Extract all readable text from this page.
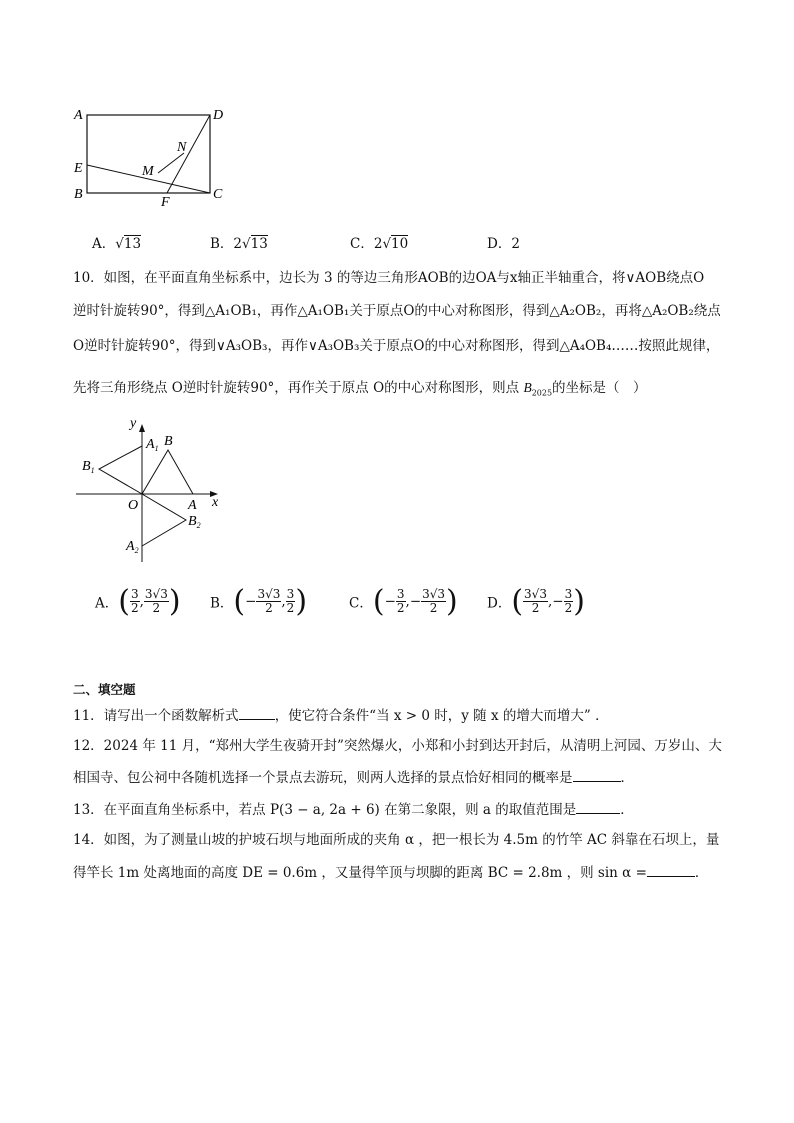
A	D
N
E	M
B
F
C
A．√13	B．2√13	C．2√10	D．2
10．如图，在平面直角坐标系中，边长为 3 的等边三角形AOB的边OA与x轴正半轴重合，将∨AOB绕点O
逆时针旋转90°，得到△A₁OB₁，再作△A₁OB₁关于原点O的中心对称图形，得到△A₂OB₂，再将△A₂OB₂绕点
O逆时针旋转90°，得到∨A₃OB₃，再作∨A₃OB₃关于原点O的中心对称图形，得到△A₄OB₄……按照此规律，
先将三角形绕点 O逆时针旋转90°，再作关于原点 O的中心对称图形，则点 $B_{2025}$的坐标是（　）
y
$A_1$ B
$B_1$
O	A x
$B_2$
$A_2$
A．( $\frac{3}{2}$ , $\frac{3√3}{2}$ ) B．(− $\frac{3√3}{2}$ , $\frac{3}{2}$ )	C．(− $\frac{3}{2}$ ,− $\frac{3√3}{2}$ ) D．( $\frac{3√3}{2}$ ,− $\frac{3}{2}$ )
二、填空题
11．请写出一个函数解析式	，使它符合条件“当 x > 0 时，y 随 x 的增大而增大” ．
12．2024 年 11 月，“郑州大学生夜骑开封”突然爆火，小郑和小封到达开封后，从清明上河园、万岁山、大
相国寺、包公祠中各随机选择一个景点去游玩，则两人选择的景点恰好相同的概率是	．
13．在平面直角坐标系中，若点 P(3 − a, 2a + 6) 在第二象限，则 a 的取值范围是	．
14．如图，为了测量山坡的护坡石坝与地面所成的夹角 α ，把一根长为 4.5m 的竹竿 AC 斜靠在石坝上，量
得竿长 1m 处离地面的高度 DE = 0.6m ，又量得竿顶与坝脚的距离 BC = 2.8m ，则 sin α =	．
